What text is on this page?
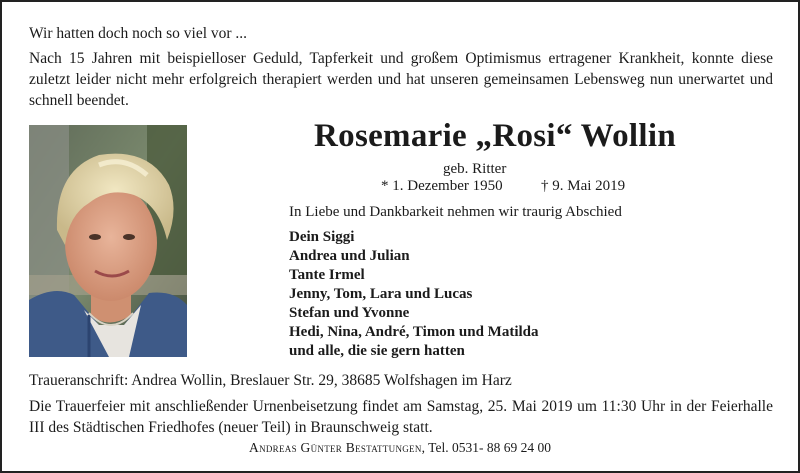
Wir hatten doch noch so viel vor ...

Nach 15 Jahren mit beispielloser Geduld, Tapferkeit und großem Optimismus ertragener Krankheit, konnte diese zuletzt leider nicht mehr erfolgreich therapiert werden und hat unseren gemeinsamen Lebensweg nun unerwartet und schnell beendet.

Rosemarie „Rosi“ Wollin

geb. Ritter

* 1. Dezember 1950	† 9. Mai 2019

In Liebe und Dankbarkeit nehmen wir traurig Abschied

Dein Siggi
Andrea und Julian
Tante Irmel
Jenny, Tom, Lara und Lucas
Stefan und Yvonne
Hedi, Nina, André, Timon und Matilda
und alle, die sie gern hatten

Traueranschrift: Andrea Wollin, Breslauer Str. 29, 38685 Wolfshagen im Harz

Die Trauerfeier mit anschließender Urnenbeisetzung findet am Samstag, 25. Mai 2019 um 11:30 Uhr in der Feierhalle III des Städtischen Friedhofes (neuer Teil) in Braunschweig statt.

Andreas Günter Bestattungen, Tel. 0531- 88 69 24 00
